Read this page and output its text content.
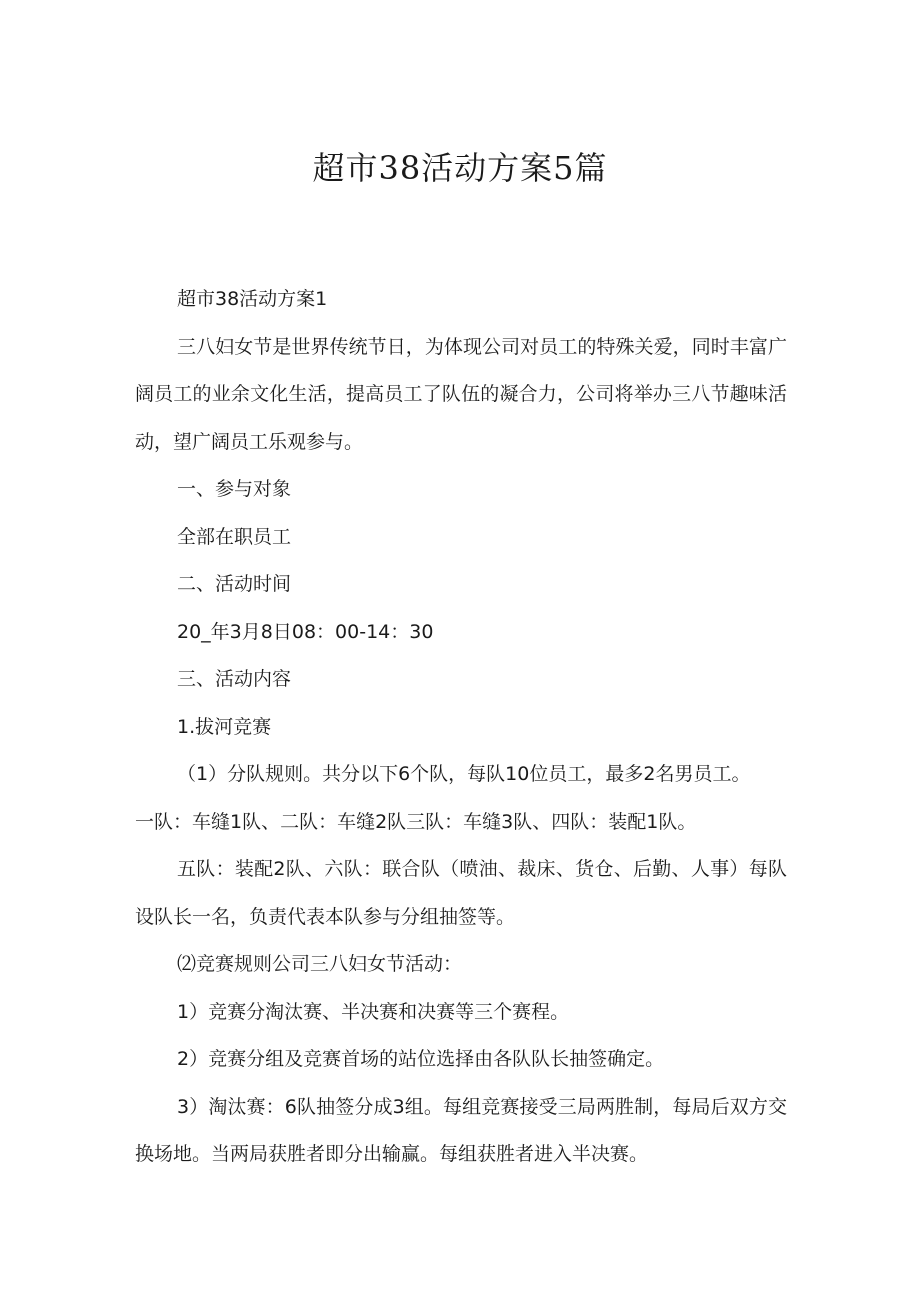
超市38活动方案5篇

超市38活动方案1

三八妇女节是世界传统节日，为体现公司对员工的特殊关爱，同时丰富广阔员工的业余文化生活，提高员工了队伍的凝合力，公司将举办三八节趣味活动，望广阔员工乐观参与。

一、参与对象

全部在职员工

二、活动时间

20_年3月8日08：00-14：30

三、活动内容

1.拔河竞赛

（1）分队规则。共分以下6个队，每队10位员工，最多2名男员工。

一队：车缝1队、二队：车缝2队三队：车缝3队、四队：装配1队。

五队：装配2队、六队：联合队（喷油、裁床、货仓、后勤、人事）每队设队长一名，负责代表本队参与分组抽签等。

⑵竞赛规则公司三八妇女节活动：

1）竞赛分淘汰赛、半决赛和决赛等三个赛程。

2）竞赛分组及竞赛首场的站位选择由各队队长抽签确定。

3）淘汰赛：6队抽签分成3组。每组竞赛接受三局两胜制，每局后双方交换场地。当两局获胜者即分出输赢。每组获胜者进入半决赛。
